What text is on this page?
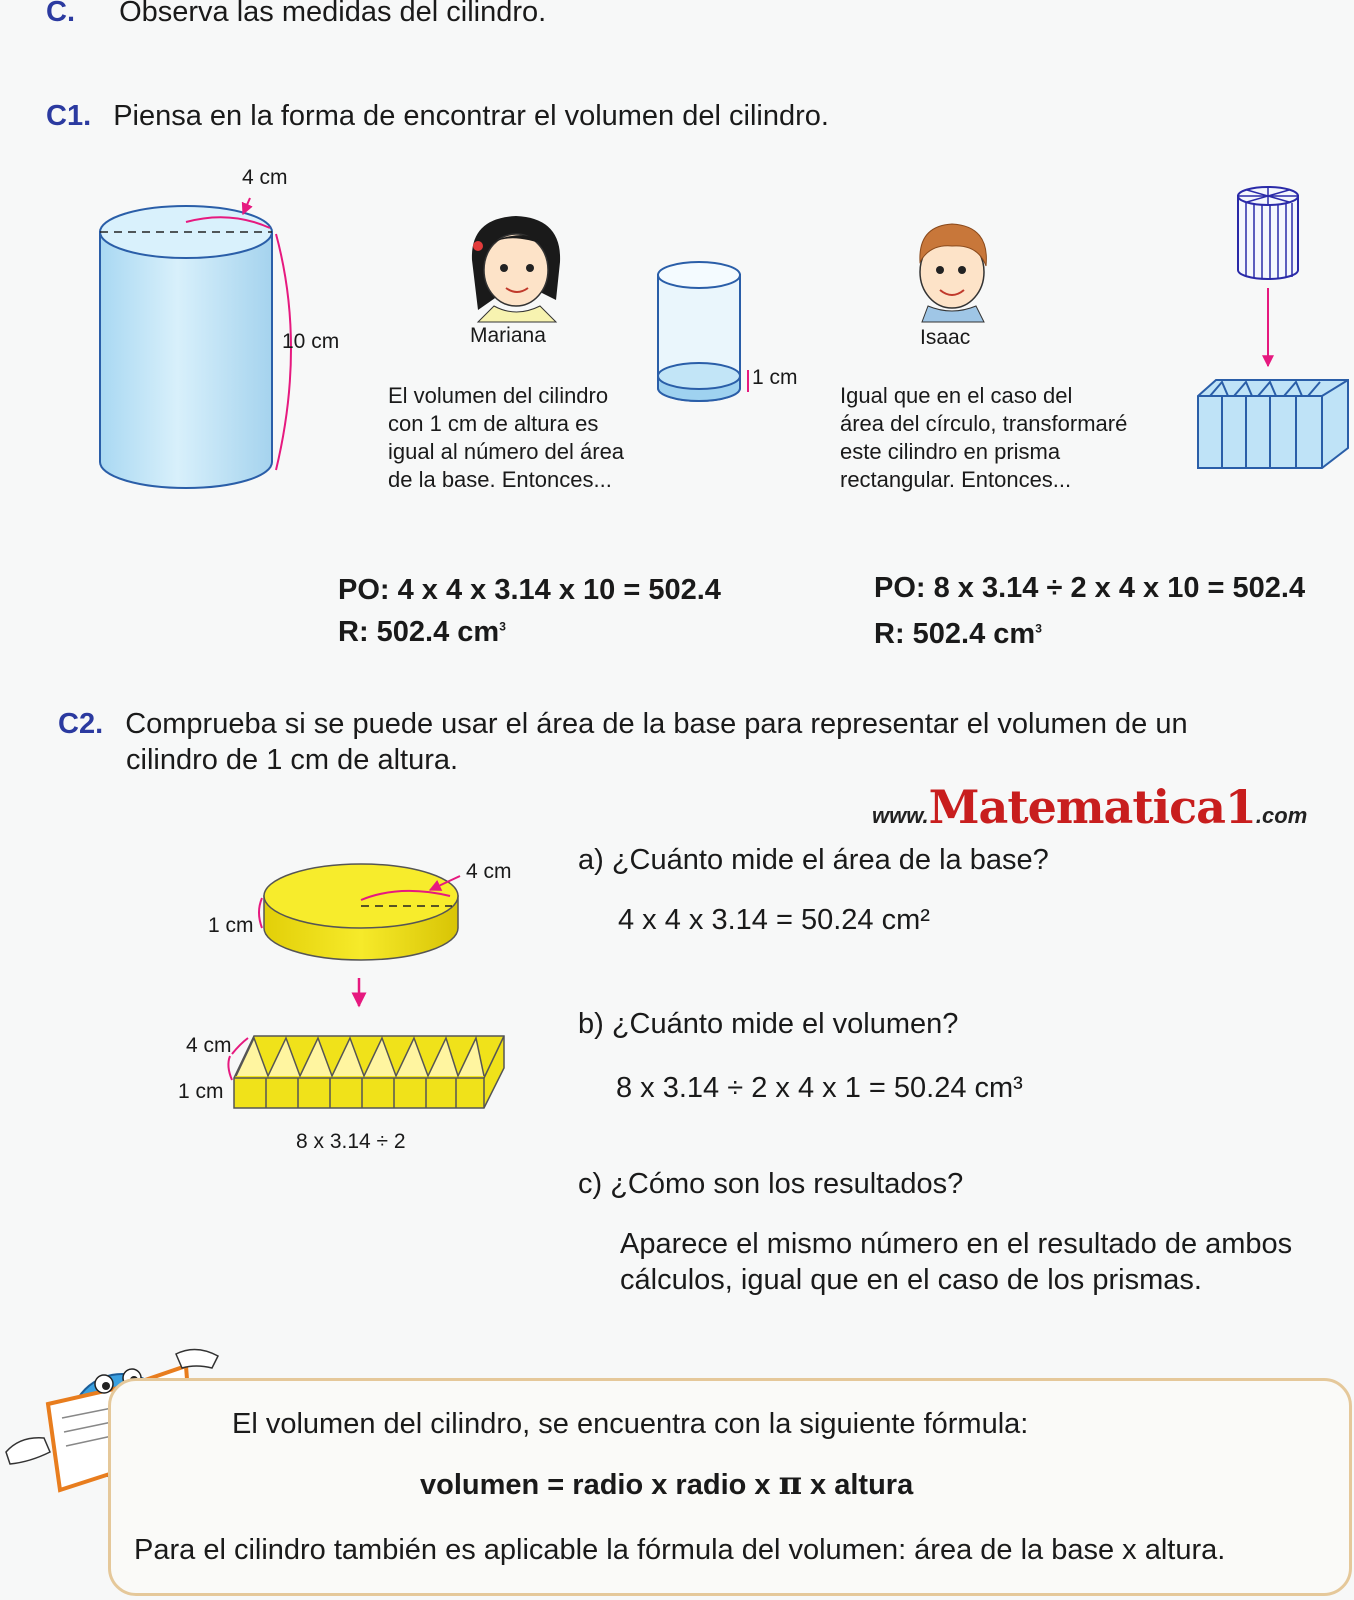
C. Observa las medidas del cilindro.
C1. Piensa en la forma de encontrar el volumen del cilindro.
4 cm
10 cm	Mariana
El volumen del cilindro
con 1 cm de altura es
igual al número del área
de la base. Entonces...
1 cm
Isaac
Igual que en el caso del
área del círculo, transformaré
este cilindro en prisma
rectangular. Entonces...
PO: 4 x 4 x 3.14 x 10 = 502.4
R: 502.4 $cm^3$
PO: 8 x 3.14 ÷ 2 x 4 x 10 = 502.4
R: 502.4 $cm^3$
C2. Comprueba si se puede usar el área de la base para representar el volumen de un
cilindro de 1 cm de altura.
www.Matematica1.com
4 cm
1 cm
4 cm
1 cm
8 x 3.14 ÷ 2
a) ¿Cuánto mide el área de la base?
4 x 4 x 3.14 = 50.24 cm²
b) ¿Cuánto mide el volumen?
8 x 3.14 ÷ 2 x 4 x 1 = 50.24 cm³
c) ¿Cómo son los resultados?
Aparece el mismo número en el resultado de ambos
cálculos, igual que en el caso de los prismas.
El volumen del cilindro, se encuentra con la siguiente fórmula:
volumen = radio x radio x π x altura
Para el cilindro también es aplicable la fórmula del volumen: área de la base x altura.
